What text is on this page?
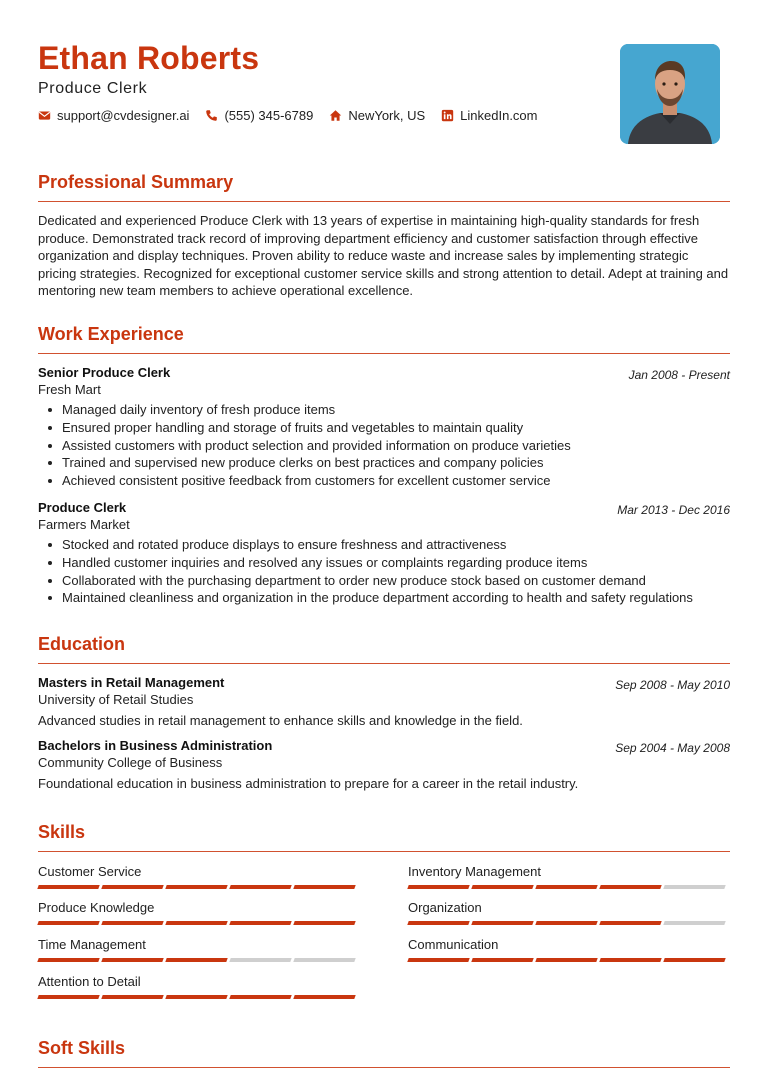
Ethan Roberts
Produce Clerk
support@cvdesigner.ai	(555) 345-6789	NewYork, US	LinkedIn.com
Professional Summary
Dedicated and experienced Produce Clerk with 13 years of expertise in maintaining high-quality standards for fresh produce. Demonstrated track record of improving department efficiency and customer satisfaction through effective organization and display techniques. Proven ability to reduce waste and increase sales by implementing strategic pricing strategies. Recognized for exceptional customer service skills and strong attention to detail. Adept at training and mentoring new team members to achieve operational excellence.
Work Experience
Senior Produce Clerk
Fresh Mart
Jan 2008 - Present
Managed daily inventory of fresh produce items
Ensured proper handling and storage of fruits and vegetables to maintain quality
Assisted customers with product selection and provided information on produce varieties
Trained and supervised new produce clerks on best practices and company policies
Achieved consistent positive feedback from customers for excellent customer service
Produce Clerk
Farmers Market
Mar 2013 - Dec 2016
Stocked and rotated produce displays to ensure freshness and attractiveness
Handled customer inquiries and resolved any issues or complaints regarding produce items
Collaborated with the purchasing department to order new produce stock based on customer demand
Maintained cleanliness and organization in the produce department according to health and safety regulations
Education
Masters in Retail Management
University of Retail Studies
Sep 2008 - May 2010
Advanced studies in retail management to enhance skills and knowledge in the field.
Bachelors in Business Administration
Community College of Business
Sep 2004 - May 2008
Foundational education in business administration to prepare for a career in the retail industry.
Skills
Customer Service	Inventory Management
Produce Knowledge	Organization
Time Management	Communication
Attention to Detail
Soft Skills
